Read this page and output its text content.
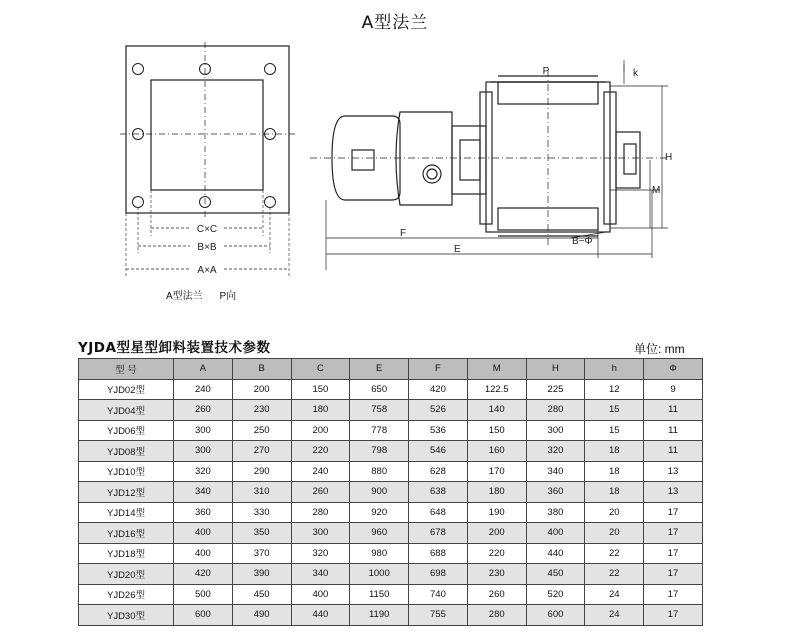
A型法兰
C×C
B×B
A×A
P	k
H
M
F
E
B−Φ
A型法兰 P向
YJDA型星型卸料装置技术参数	单位: mm
型 号	A	B	C	E	F	M	H	h	Φ
YJD02型	240	200	150	650	420	122.5	225	12	9
YJD04型	260	230	180	758	526	140	280	15	11
YJD06型	300	250	200	778	536	150	300	15	11
YJD08型	300	270	220	798	546	160	320	18	11
YJD10型	320	290	240	880	628	170	340	18	13
YJD12型	340	310	260	900	638	180	360	18	13
YJD14型	360	330	280	920	648	190	380	20	17
YJD16型	400	350	300	960	678	200	400	20	17
YJD18型	400	370	320	980	688	220	440	22	17
YJD20型	420	390	340	1000	698	230	450	22	17
YJD26型	500	450	400	1150	740	260	520	24	17
YJD30型	600	490	440	1190	755	280	600	24	17
